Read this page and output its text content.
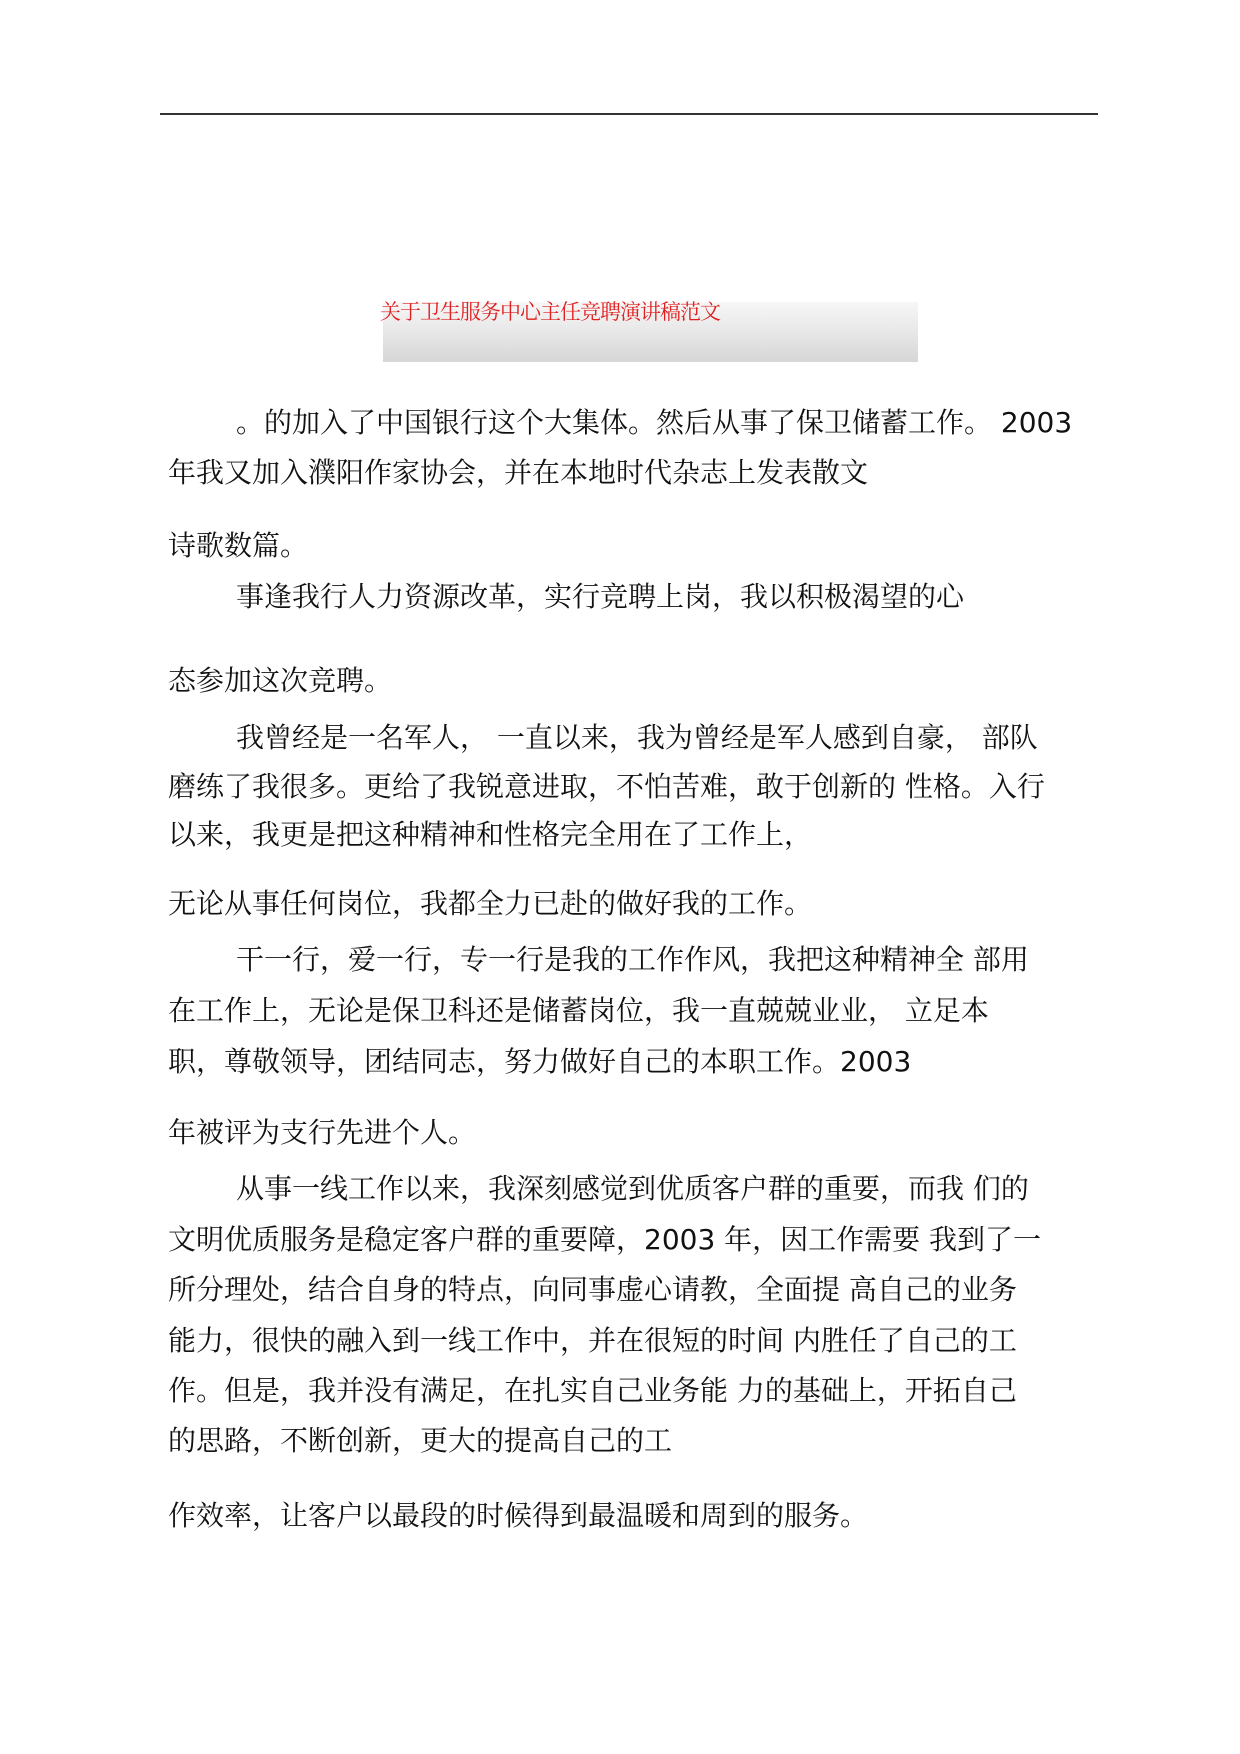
关于卫生服务中心主任竞聘演讲稿范文
。的加入了中国银行这个大集体。然后从事了保卫储蓄工作。 2003
年我又加入濮阳作家协会，并在本地时代杂志上发表散文
诗歌数篇。
事逢我行人力资源改革，实行竞聘上岗，我以积极渴望的心
态参加这次竞聘。
我曾经是一名军人， 一直以来，我为曾经是军人感到自豪， 部队
磨练了我很多。更给了我锐意进取，不怕苦难，敢于创新的 性格。入行
以来，我更是把这种精神和性格完全用在了工作上，
无论从事任何岗位，我都全力已赴的做好我的工作。
干一行，爱一行，专一行是我的工作作风，我把这种精神全 部用
在工作上，无论是保卫科还是储蓄岗位，我一直兢兢业业， 立足本
职，尊敬领导，团结同志，努力做好自己的本职工作。2003
年被评为支行先进个人。
从事一线工作以来，我深刻感觉到优质客户群的重要，而我 们的
文明优质服务是稳定客户群的重要障，2003 年，因工作需要 我到了一
所分理处，结合自身的特点，向同事虚心请教，全面提 高自己的业务
能力，很快的融入到一线工作中，并在很短的时间 内胜任了自己的工
作。但是，我并没有满足，在扎实自己业务能 力的基础上，开拓自己
的思路，不断创新，更大的提高自己的工
作效率，让客户以最段的时候得到最温暖和周到的服务。
